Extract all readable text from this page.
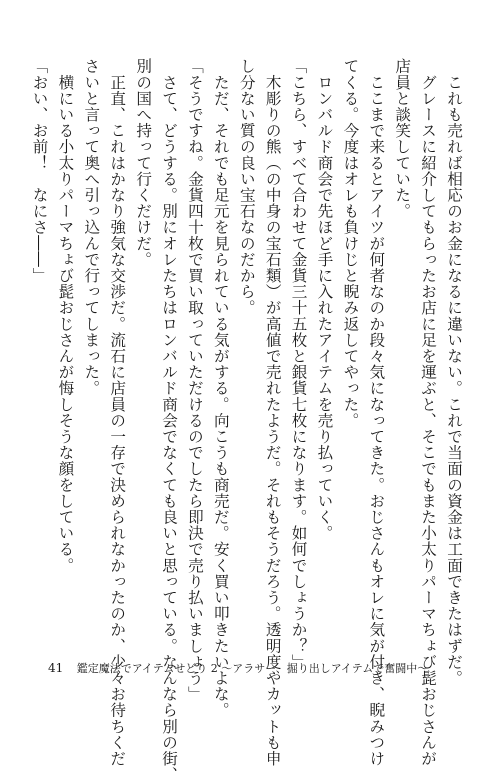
　これも売れば相応のお金になるに違いない。これで当面の資金は工面できたはずだ。

　グレースに紹介してもらったお店に足を運ぶと、そこでもまた小太りパーマちょび髭おじさんが

店員と談笑していた。

　ここまで来るとアイツが何者なのか段々気になってきた。おじさんもオレに気が付き、睨みつけ

てくる。今度はオレも負けじと睨み返してやった。

　ロンバルド商会で先ほど手に入れたアイテムを売り払っていく。

「こちら、すべて合わせて金貨三十五枚と銀貨七枚になります。如何でしょうか？」

　木彫りの熊（の中身の宝石類）が高値で売れたようだ。それもそうだろう。透明度やカットも申

し分ない質の良い宝石なのだから。

　ただ、それでも足元を見られている気がする。向こうも商売だ。安く買い叩きたいよな。

「そうですね。金貨四十枚で買い取っていただけるのでしたら即決で売り払いましょう」

　さて、どうする。別にオレたちはロンバルド商会でなくても良いと思っている。なんなら別の街、

別の国へ持って行くだけだ。

　正直、これはかなり強気な交渉だ。流石に店員の一存で決められなかったのか、少々お待ちくだ

さいと言って奥へ引っ込んで行ってしまった。

　横にいる小太りパーマちょび髭おじさんが悔しそうな顔をしている。

「おい、お前！　なにさ――」

41 鑑定魔法でアイテムせどり 2 〜アラサー、掘り出しアイテムで奮闘中〜
